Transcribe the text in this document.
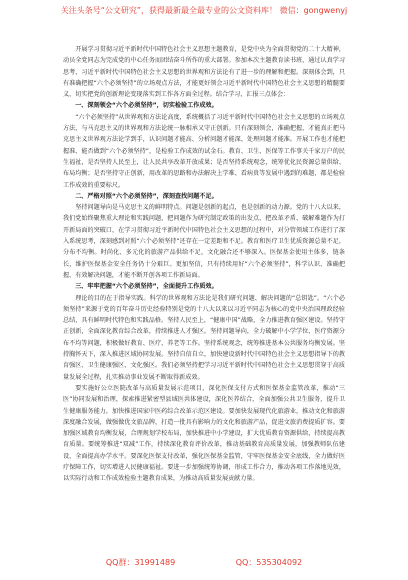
关注头条号“公文研究”，获得最新最全最专业的公文资料库！ 微信：gongwenyj

开展学习贯彻习近平新时代中国特色社会主义思想主题教育，是党中央为全面贯彻党的二十大精神，动员全党同志为完成党的中心任务而团结奋斗所作的重大部署。参加本次主题教育读书班，通过认真学习思考，习近平新时代中国特色社会主义思想的世界观和方法论有了进一步的理解和把握。深刻体会到，只有准确把握“六个必须坚持”的立场观点方法，才能更好领会习近平新时代中国特色社会主义思想的精髓要义，切实把党的创新理论变现落实到工作各方面全过程。结合学习，汇报三点体会：

一、深刻领会“六个必须坚持”，切实检验工作成效。

“六个必须坚持”从世界观和方法论高度，系统概括了习近平新时代中国特色社会主义思想的立场观点方法，与马克思主义的世界观和方法论统一脉相承又守正创新。只有深刻领会，准确把握，才能真正把马克思主义世界观方法论学到手，认识问题才能高、分析问题才能深、处理问题才能准。开展工作也才能把握准、能否做到“六个必须坚持”，是检验工作成效的试金石。教育、卫生、医保等工作事关千家万户的民生福祉，是否坚持人民至上，让人民共享改革开放成果；是否坚持系统观念，统筹优化民资源总量供给、布局均衡；是否坚持守正创新，用改革的思路和办法解决上学难、看病贵等发展中遇到的难题，都是检验工作成效的重要标尺。

二、严格对照“六个必须坚持”，深刻查找问题不足。

坚持问题导向是马克思主义的鲜明特点。问题是创新的起点，也是创新的动力源。党的十八大以来，我们党始终聚焦重大理论和实践问题，把问题作为研究制定政策的出发点，把改革矛盾、破解难题作为打开新局面的突破口，在学习贯彻习近平新时代中国特色社会主义思想的过程中，对分管领域工作进行了深入系统思考，深刻感到对照“六个必须坚持”还存在一定差距和不足。教育和医疗卫生优质资源总量不足，分布不均衡。时尚化、多元化的旅游产品供给不足，文化融合还不够深入。医保基金使用主体多，链条长，维护医保基金安全任务仍十分艰巨。更加坚信，只有持续用好“六个必须坚持”，科学认识、准确把握、有效解决问题，才能不断开创各项工作新局面。

三、牢牢把握“六个必须坚持”，全面提升工作质效。

理论的目的在于指导实践。科学的世界观和方法论是我们研究问题、解决问题的“总钥匙”。“六个必须坚持”来源于党的百年奋斗历史经验特别是党的十八大以来以习近平同志为核心的党中央治国理政经验总结，具有鲜明时代特色和实践品格。坚持人民至上，“健康中国”战略，全力推进教育强区建设。坚持守正创新，全面深化教育综合改革，持续推进人才强区。坚持问题导向，全力破解中小学学位、医疗资源分布不均等问题，积极做好教育、医疗、养老等工作。坚持系统观念，统筹推进基本公共服务均衡发展。坚持胸怀天下，深入推进区域协同发展。坚持自信自立，加快建设新时代中国特色社会主义思想指导下的教育强区、卫生健康强区、文化强区。我们必须坚持把学习习近平新时代中国特色社会主义思想贯穿于高质量发展全过程，扎实推动事业发展不断取得新成效。

要实施好公立医院改革与高质量发展示范项目，深化医保支付方式和医保基金监管改革，推动“三医”协同发展和治理，探索推进紧密型县域医共体建设，深化医养结合，全面加强公共卫生服务，提升卫生健康服务能力，加快推进国家中医药综合改革示范区建设。要加快发展现代化旅游业，推动文化和旅游深度融合发展，做强做优文旅品牌，打造一批具有影响力的文化和旅游产品，促进文旅消费提质扩容。要加强区域教育均衡发展，合理规划学校布局，加快推进中小学建设，扩大优质教育资源供给，持续提高教育质量。要统筹推进“双减”工作，持续深化教育评价改革，推动基础教育高质量发展，加强教师队伍建设，全面提高办学水平。要深化医保支付改革，强化医保基金监管，守牢医保基金安全底线，全力做好医疗保障工作，切实增进人民健康福祉。要进一步加强统筹协调，形成工作合力，推动各项工作落地见效，以实际行动和工作成效检验主题教育成果，为推动高质量发展贡献力量。

QQ群：31991489	QQ：535304092
